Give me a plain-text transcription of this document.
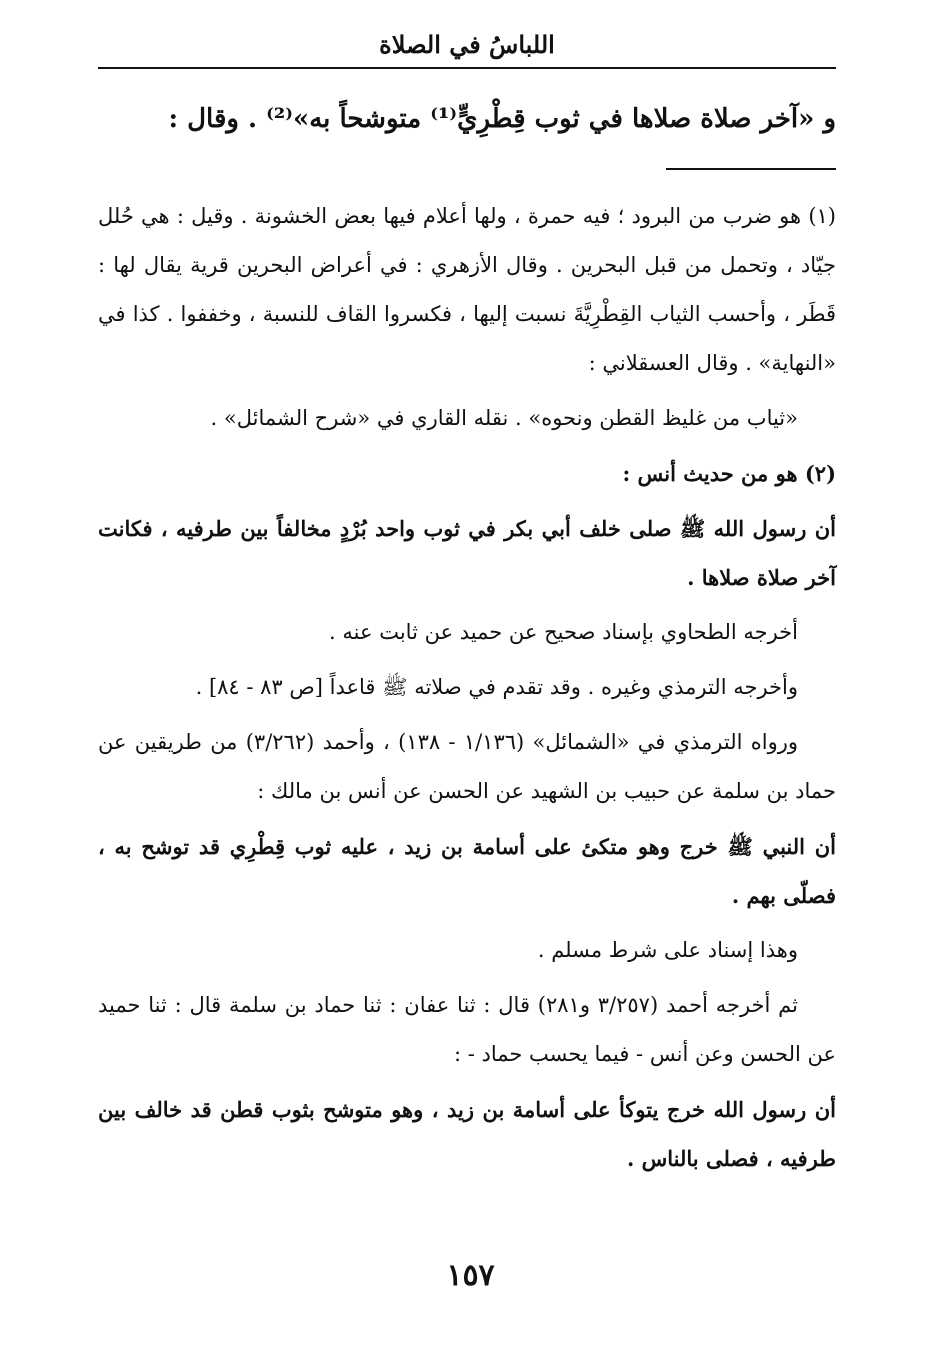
اللباسُ في الصلاة
و «آخر صلاة صلاها في ثوب قِطْرِيٍّ⁽¹⁾ متوشحاً به»⁽²⁾ . وقال :

(١) هو ضرب من البرود ؛ فيه حمرة ، ولها أعلام فيها بعض الخشونة . وقيل : هي حُلل جيّاد ، وتحمل من قبل البحرين . وقال الأزهري : في أعراض البحرين قرية يقال لها : قَطَر ، وأحسب الثياب القِطْرِيَّةَ نسبت إليها ، فكسروا القاف للنسبة ، وخففوا . كذا في «النهاية» . وقال العسقلاني :

«ثياب من غليظ القطن ونحوه» . نقله القاري في «شرح الشمائل» .

(٢) هو من حديث أنس :

أن رسول الله ﷺ صلى خلف أبي بكر في ثوب واحد بُرْدٍ مخالفاً بين طرفيه ، فكانت آخر صلاة صلاها .

أخرجه الطحاوي بإسناد صحيح عن حميد عن ثابت عنه .

وأخرجه الترمذي وغيره . وقد تقدم في صلاته ﷺ قاعداً [ص ٨٣ - ٨٤] .

ورواه الترمذي في «الشمائل» (١/١٣٦ - ١٣٨) ، وأحمد (٣/٢٦٢) من طريقين عن حماد بن سلمة عن حبيب بن الشهيد عن الحسن عن أنس بن مالك :

أن النبي ﷺ خرج وهو متكئ على أسامة بن زيد ، عليه ثوب قِطْرِي قد توشح به ، فصلّى بهم .

وهذا إسناد على شرط مسلم .

ثم أخرجه أحمد (٣/٢٥٧ و٢٨١) قال : ثنا عفان : ثنا حماد بن سلمة قال : ثنا حميد عن الحسن وعن أنس - فيما يحسب حماد - :

أن رسول الله خرج يتوكأ على أسامة بن زيد ، وهو متوشح بثوب قطن قد خالف بين طرفيه ، فصلى بالناس .

١٥٧
